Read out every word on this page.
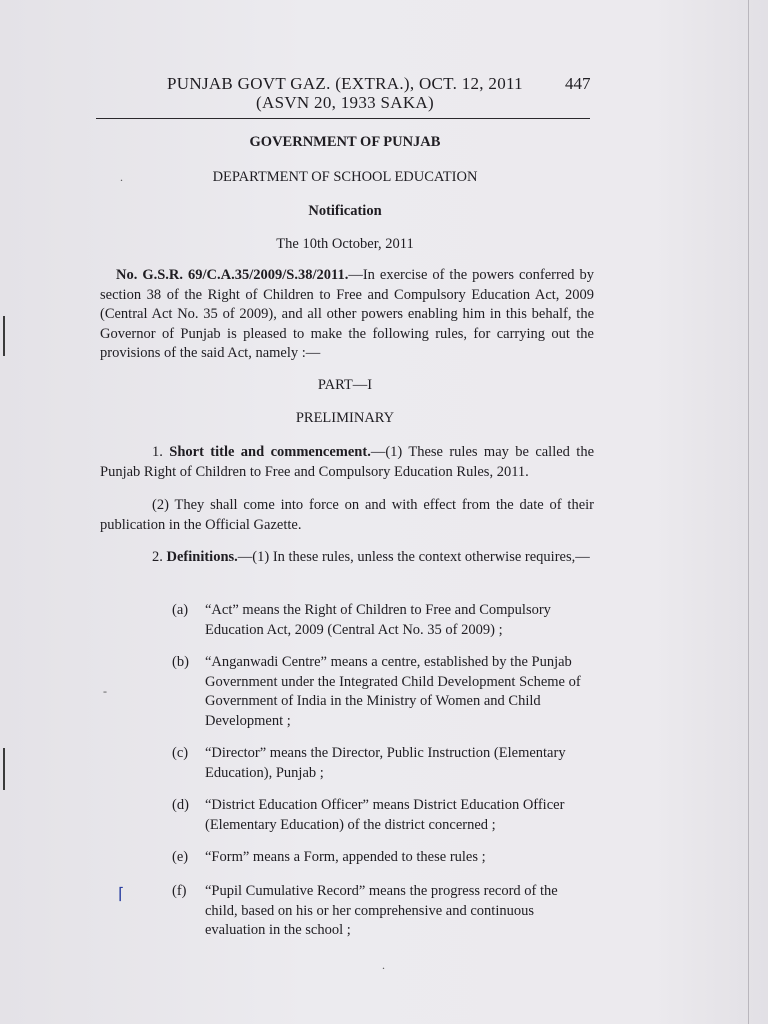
PUNJAB GOVT GAZ. (EXTRA.), OCT. 12, 2011	447
(ASVN 20, 1933 SAKA)
GOVERNMENT OF PUNJAB
DEPARTMENT OF SCHOOL EDUCATION
Notification
The 10th October, 2011
No. G.S.R. 69/C.A.35/2009/S.38/2011.—In exercise of the powers conferred by section 38 of the Right of Children to Free and Compulsory Education Act, 2009 (Central Act No. 35 of 2009), and all other powers enabling him in this behalf, the Governor of Punjab is pleased to make the following rules, for carrying out the provisions of the said Act, namely :—
PART—I
PRELIMINARY
1. Short title and commencement.—(1) These rules may be called the Punjab Right of Children to Free and Compulsory Education Rules, 2011.
(2) They shall come into force on and with effect from the date of their publication in the Official Gazette.
2. Definitions.—(1) In these rules, unless the context otherwise requires,—
(a)	“Act” means the Right of Children to Free and Compulsory Education Act, 2009 (Central Act No. 35 of 2009) ;
(b)	“Anganwadi Centre” means a centre, established by the Punjab Government under the Integrated Child Development Scheme of Government of India in the Ministry of Women and Child Development ;
(c)	“Director” means the Director, Public Instruction (Elementary Education), Punjab ;
(d)	“District Education Officer” means District Education Officer (Elementary Education) of the district concerned ;
(e)	“Form” means a Form, appended to these rules ;
(f)	“Pupil Cumulative Record” means the progress record of the child, based on his or her comprehensive and continuous evaluation in the school ;
⌈
.
-
.
